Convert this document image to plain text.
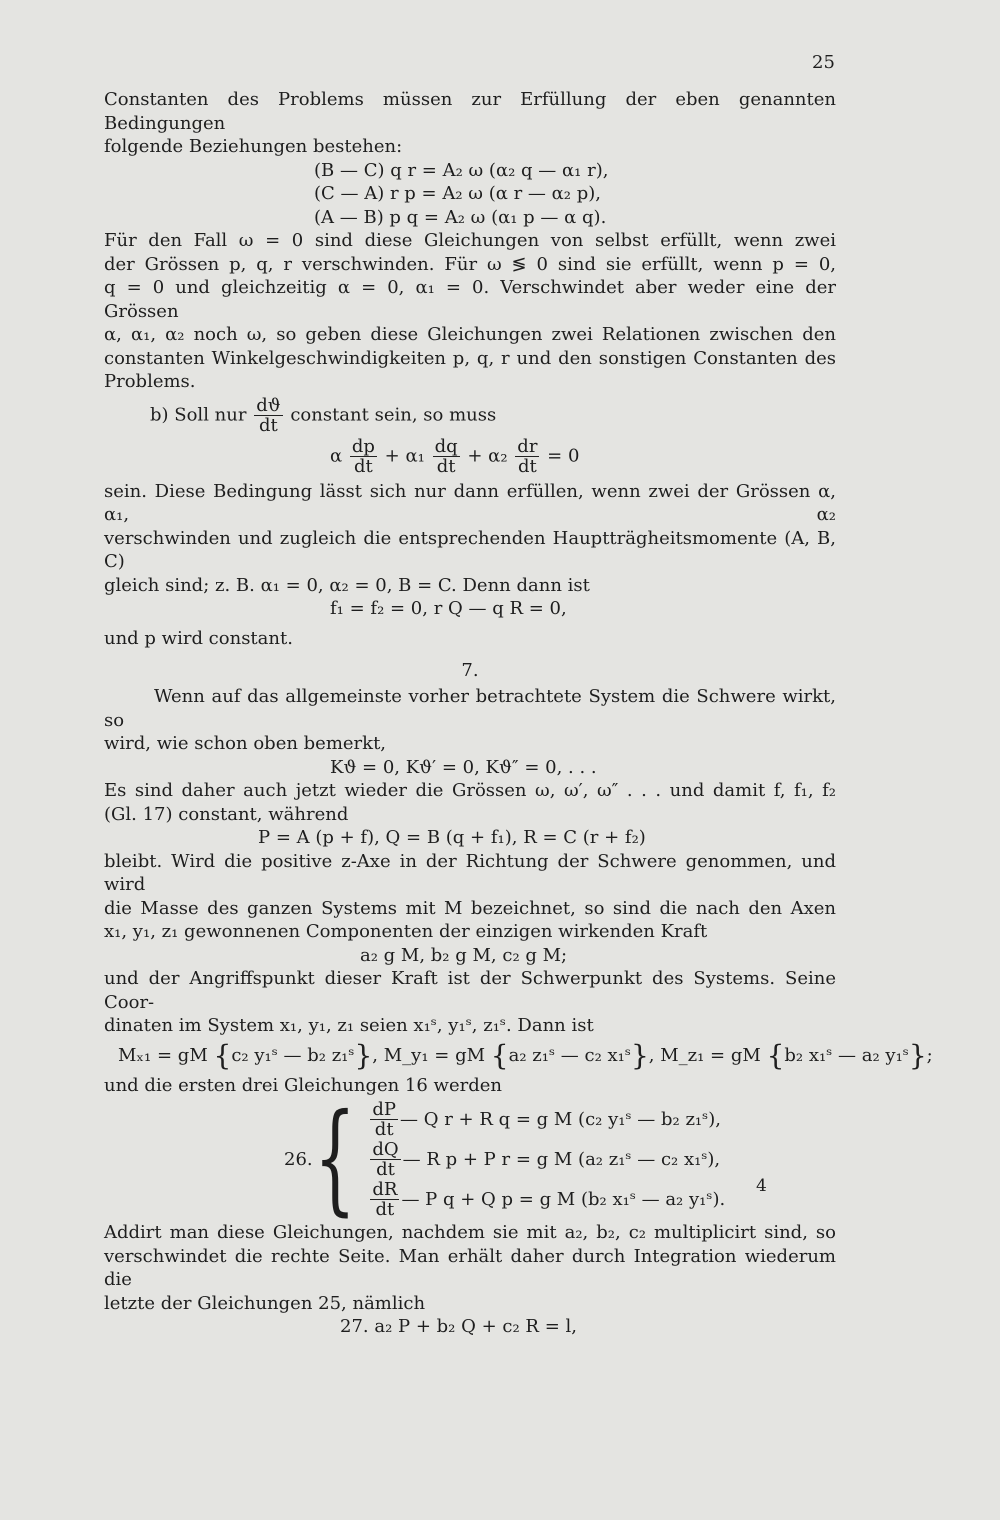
25

Constanten des Problems müssen zur Erfüllung der eben genannten Bedingungen

folgende Beziehungen bestehen:

(B — C) q r = A₂ ω (α₂ q — α₁ r),
(C — A) r p = A₂ ω (α r — α₂ p),
(A — B) p q = A₂ ω (α₁ p — α q).

Für den Fall ω = 0 sind diese Gleichungen von selbst erfüllt, wenn zwei

der Grössen p, q, r verschwinden. Für ω ≶ 0 sind sie erfüllt, wenn p = 0,

q = 0 und gleichzeitig α = 0, α₁ = 0. Verschwindet aber weder eine der Grössen

α, α₁, α₂ noch ω, so geben diese Gleichungen zwei Relationen zwischen den

constanten Winkelgeschwindigkeiten p, q, r und den sonstigen Constanten des

Problems.

b) Soll nur $\frac{dϑ}{dt}$ constant sein, so muss
α $\frac{dp}{dt} + \alpha_1 \frac{dq}{dt} + \alpha_2 \frac{dr}{dt} = 0$

sein. Diese Bedingung lässt sich nur dann erfüllen, wenn zwei der Grössen α, α₁, α₂

verschwinden und zugleich die entsprechenden Hauptträgheitsmomente (A, B, C)

gleich sind; z. B. α₁ = 0, α₂ = 0, B = C. Denn dann ist

f₁ = f₂ = 0, r Q — q R = 0,

und p wird constant.

7.

Wenn auf das allgemeinste vorher betrachtete System die Schwere wirkt, so

wird, wie schon oben bemerkt,

Kϑ = 0, Kϑ′ = 0, Kϑ″ = 0, . . .

Es sind daher auch jetzt wieder die Grössen ω, ω′, ω″ . . . und damit f, f₁, f₂

(Gl. 17) constant, während

P = A (p + f), Q = B (q + f₁), R = C (r + f₂)

bleibt. Wird die positive z-Axe in der Richtung der Schwere genommen, und wird

die Masse des ganzen Systems mit M bezeichnet, so sind die nach den Axen

x₁, y₁, z₁ gewonnenen Componenten der einzigen wirkenden Kraft

a₂ g M, b₂ g M, c₂ g M;

und der Angriffspunkt dieser Kraft ist der Schwerpunkt des Systems. Seine Coor-

dinaten im System x₁, y₁, z₁ seien x₁ˢ, y₁ˢ, z₁ˢ. Dann ist

Mₓ₁ = gM {c₂ y₁ˢ — b₂ z₁ˢ}, M_y₁ = gM {a₂ z₁ˢ — c₂ x₁ˢ}, M_z₁ = gM {b₂ x₁ˢ — a₂ y₁ˢ};

und die ersten drei Gleichungen 16 werden

26. { $\frac{dP}{dt}$ — Q r + R q = g M (c₂ y₁ˢ — b₂ z₁ˢ),
$\frac{dQ}{dt}$ — R p + P r = g M (a₂ z₁ˢ — c₂ x₁ˢ),
$\frac{dR}{dt}$ — P q + Q p = g M (b₂ x₁ˢ — a₂ y₁ˢ).

Addirt man diese Gleichungen, nachdem sie mit a₂, b₂, c₂ multiplicirt sind, so

verschwindet die rechte Seite. Man erhält daher durch Integration wiederum die

letzte der Gleichungen 25, nämlich

27. a₂ P + b₂ Q + c₂ R = l,
4
